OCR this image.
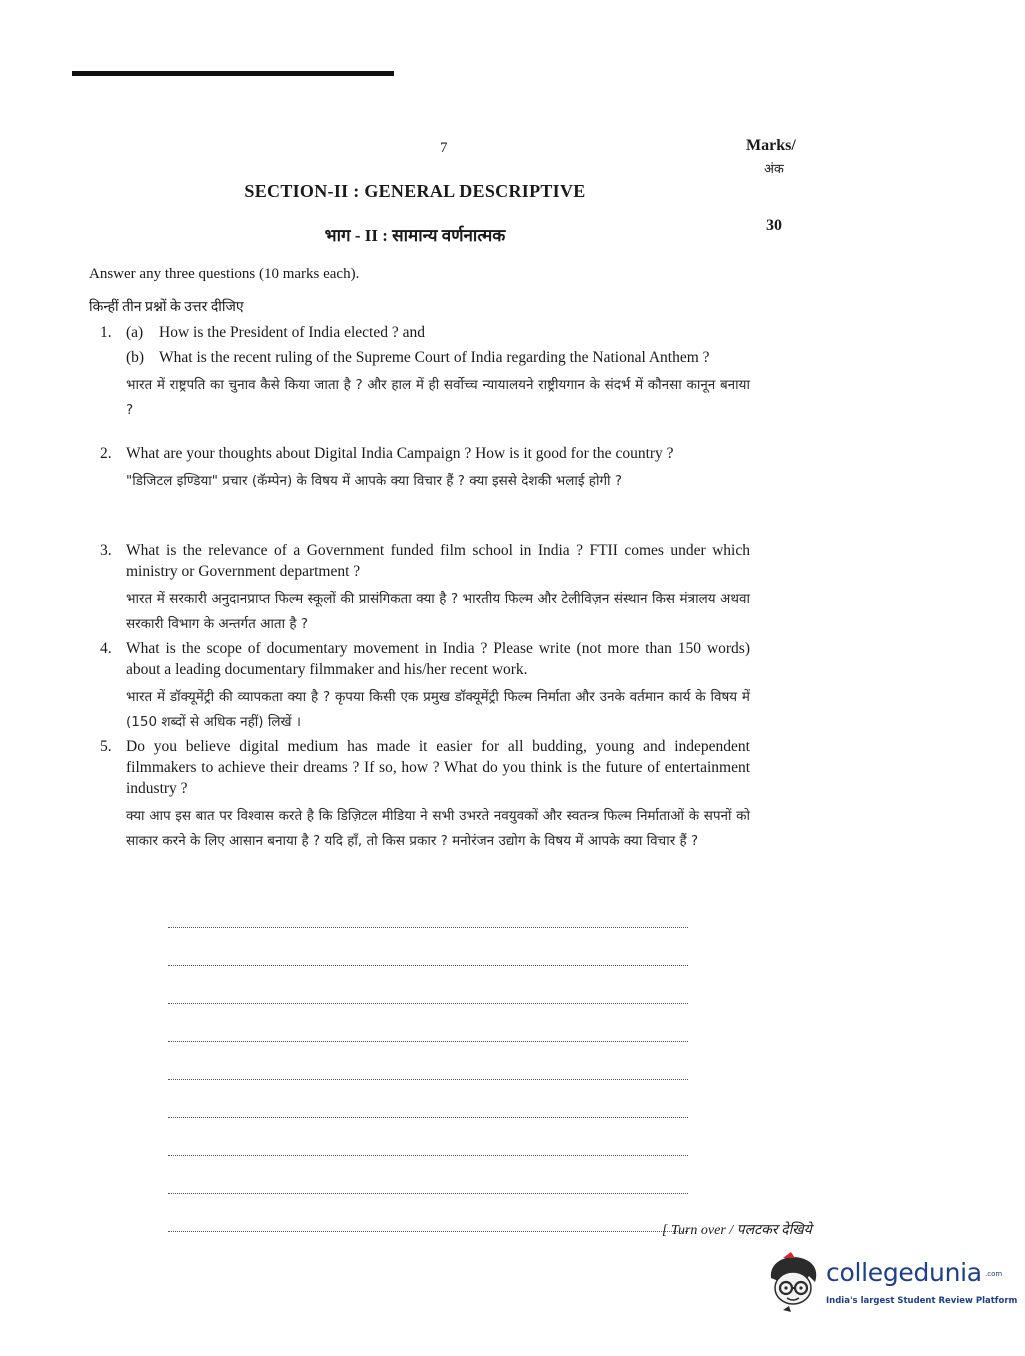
7	Marks/
अंक
SECTION-II : GENERAL DESCRIPTIVE
भाग - II : सामान्य वर्णनात्मक
30
Answer any three questions (10 marks each).
किन्हीं तीन प्रश्नों के उत्तर दीजिए
1. (a) How is the President of India elected ? and
(b) What is the recent ruling of the Supreme Court of India regarding the National Anthem ?
भारत में राष्ट्रपति का चुनाव कैसे किया जाता है ? और हाल में ही सर्वोच्च न्यायालयने राष्ट्रीयगान के संदर्भ में कौनसा कानून बनाया ?
2. What are your thoughts about Digital India Campaign ? How is it good for the country ?
"डिजिटल इण्डिया" प्रचार (कॅम्पेन) के विषय में आपके क्या विचार हैं ? क्या इससे देशकी भलाई होगी ?
3. What is the relevance of a Government funded film school in India ? FTII comes under which ministry or Government department ?
भारत में सरकारी अनुदानप्राप्त फिल्म स्कूलों की प्रासंगिकता क्या है ? भारतीय फिल्म और टेलीविज़न संस्थान किस मंत्रालय अथवा सरकारी विभाग के अन्तर्गत आता है ?
4. What is the scope of documentary movement in India ? Please write (not more than 150 words) about a leading documentary filmmaker and his/her recent work.
भारत में डॉक्यूमेंट्री की व्यापकता क्या है ? कृपया किसी एक प्रमुख डॉक्यूमेंट्री फिल्म निर्माता और उनके वर्तमान कार्य के विषय में (150 शब्दों से अधिक नहीं) लिखें ।
5. Do you believe digital medium has made it easier for all budding, young and independent filmmakers to achieve their dreams ? If so, how ? What do you think is the future of entertainment industry ?
क्या आप इस बात पर विश्वास करते है कि डिज़िटल मीडिया ने सभी उभरते नवयुवकों और स्वतन्त्र फिल्म निर्माताओं के सपनों को साकार करने के लिए आसान बनाया है ? यदि हाँ, तो किस प्रकार ? मनोरंजन उद्योग के विषय में आपके क्या विचार हैं ?
[ Turn over / पलटकर देखिये
collegedunia .com
India's largest Student Review Platform
